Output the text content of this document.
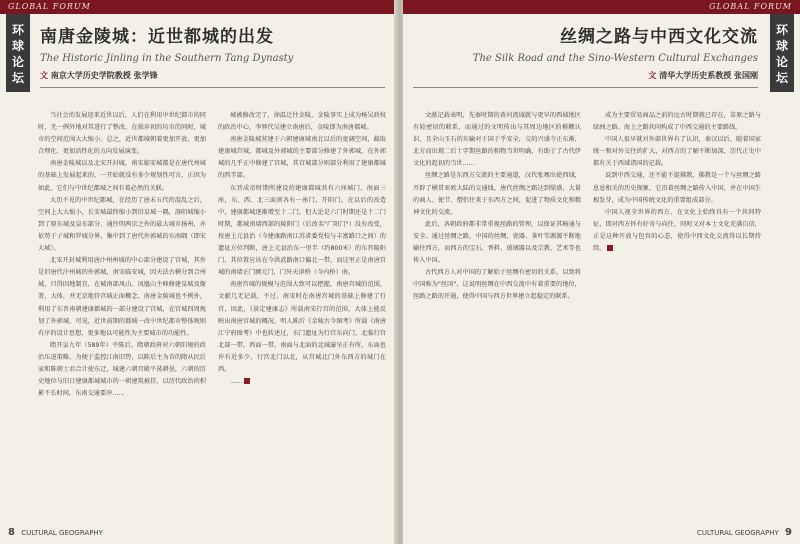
GLOBAL FORUM
环
球
论
坛
南唐金陵城：近世都城的出发
The Historic Jinling in the Southern Tang Dynasty
文 南京大学历史学院教授 张学锋

当社会的发展迎来近世以后，人们在利用中世纪都市的同时，无一例外地对其进行了整改，在损弃初的坊市的同时，城市的空间范围大大缩小。总之，近世都城朝着更加开放、更加合理化、更加活性化的方向发展演变。

南唐金陵城以及北宋开封城，南宋临安城都是在唐代州城的基础上发展起来的，一开始就没有多少规划性可言，正因为如此，它们与中世纪都城之间有着必然的关联。

大历不见的中世纪都城，在经历了唐末五代的混乱之后，空间上大大缩小，长安城最终缩小到旧皇城一隅，洛阳城缩小到了原东城及皇东部分，通往明两京之外的最大城市扬州，亦依势于子城和罗城分界，集中到了唐代外郭城的东南隅（即宋大城）。

北宋开封城利用唐汴州州城的中心部分建设了宫城，其外是旧唐代汴州城的外郭城，南宋临安城，因天法古横分到合州城，只得因地制宜，在城南部凤山、凤凰山主峰修建皇城及衙署，大体，并无京地符宫城正面概念，南唐金陵城也不例外，利用了东晋南朝建康都城的一部分建设了宫城，在宫城四周规划了外郭城，可见，近世前期的都城一改中世纪都市整体规则有序的设计思想，更多地以可能性为主要城市的功能性。

隋开皇九年（589年）平陈后，隋朝政府对六朝旧境的政治压迫策略，为便于监控江南旧势，以陈后主为首的隋从民后家和陈朝士君合计使东迁，城建六朝宫殿平荡耕垦，六朝的历史地位与旧日建康都城城市的一朝建筑被挂，以历代政治的积累不长时间，东南交通要冲……

城被修改完了，徐温迁往金陵，金陵事实上成为杨吴政权的政治中心，李昪代吴建立南唐后，金陵即为南唐都城。

南唐金陵城营建于六朝建康城南北以后的宽阔空间，截取建康城宫城、都城及外郭城的主要部分修建了外郭城，在外郭城的几乎正中修建了宫城，其宫城部分则部分利用了建康都城的西半部。

东晋成帝时期所建设的建康都城共有六座城门，南面三座，东、西、北三面则各有一座门，开阳门，在以后的改造中，建康都城逐渐增至十二门，但大论是六门时期还是十二门时期，都城南墙西部的陵阳门（后改名"广阳门"）没有改变，按唐上元县治（今建康路南江苏省委党校与丰富路口之间）的遗址方位判断，唐上元县治东一里半（约800米）的东晋陵阳门，其位置应该在今洪武路南口偏北一带，而这里正是南唐宫城的南墙正门额元门，门外天津桥（今内桥）南。

南唐宫城的规模与范围大致可以把握，南唐宫城的范围，文献几无记载，不过，南宋时在南唐宫城的基础上修建了行宫，因此，《景定建康志》所载南宋行宫的范围，大体上能反映出南唐宫城的概况，明人陈沂《金陵古今图考》所载《南唐江宁府图考》中也转述过，东门遗址为行宫东向门、北临行宫北部一带，西面一带，南面与北面的北城濠呈正有所，东面也许有近多少，行宫北门以北，从宫城北门外东西方的城门在西。

……

8 CULTURAL GEOGRAPHY
GLOBAL FORUM
环
球
论
坛
丝绸之路与中西文化交流
The Silk Road and the Sino-Western Cultural Exchanges
文 清华大学历史系教授 张国刚

文献记载表明，先秦时期的黄河流域就与更早的西域地区有较密切的联系，而通过的文明传出与其周边地区的模糊认识，且全山玉石的东输对于国于乎安全，交的兴盛寺正东渐，北方而出现二后十字期丝路的相物当世明确，有助于了古代伊文化的起初的当世……

丝绸之路是东西方交流的主要通道，汉代张骞出使西域，开辟了横贯亚欧大陆的交通线，唐代丝绸之路达到鼎盛，大量的商人、使节、僧侣往来于东西方之间，促进了物质文化和精神文化的交流。

此后，各朝政府都非常重视丝路的管理，以保证其畅通与安全。通过丝绸之路，中国的丝绸、瓷器、茶叶等源源不断地输往西方，而西方的宝石、香料、玻璃器以及宗教、艺术等也传入中国。

古代西方人对中国的了解始于丝绸有密切的关系，以致将中国称为"丝国"，这说明丝绸在中西交流中有着重要的地位，丝路之路的开通，使得中国与西方世界建立起稳定的联系。

成为主要贸易商品之前的远古时期就已存在，草原之路与绿洲之路、海上之路共同构成了中西交通的主要路线。

中国人很早就对外部世界有了认识，秦汉以后，随着国家统一和对外交往的扩大，对西方的了解不断加深，历代正史中都有关于西域诸国的记载。

说到中西交通，还不能不提佛教，佛教是一个与丝绸之路息息相关的历史现象，它沿着丝绸之路传入中国，并在中国生根发芽，成为中国传统文化的重要组成部分。

中国人视全世界的西方，在文化上始终具有一个共同特征，即对西方怀有好奇与向往，同时又对本土文化充满自信，正是这种开放与包容的心态，使得中西文化交流得以长期持续。

CULTURAL GEOGRAPHY 9
